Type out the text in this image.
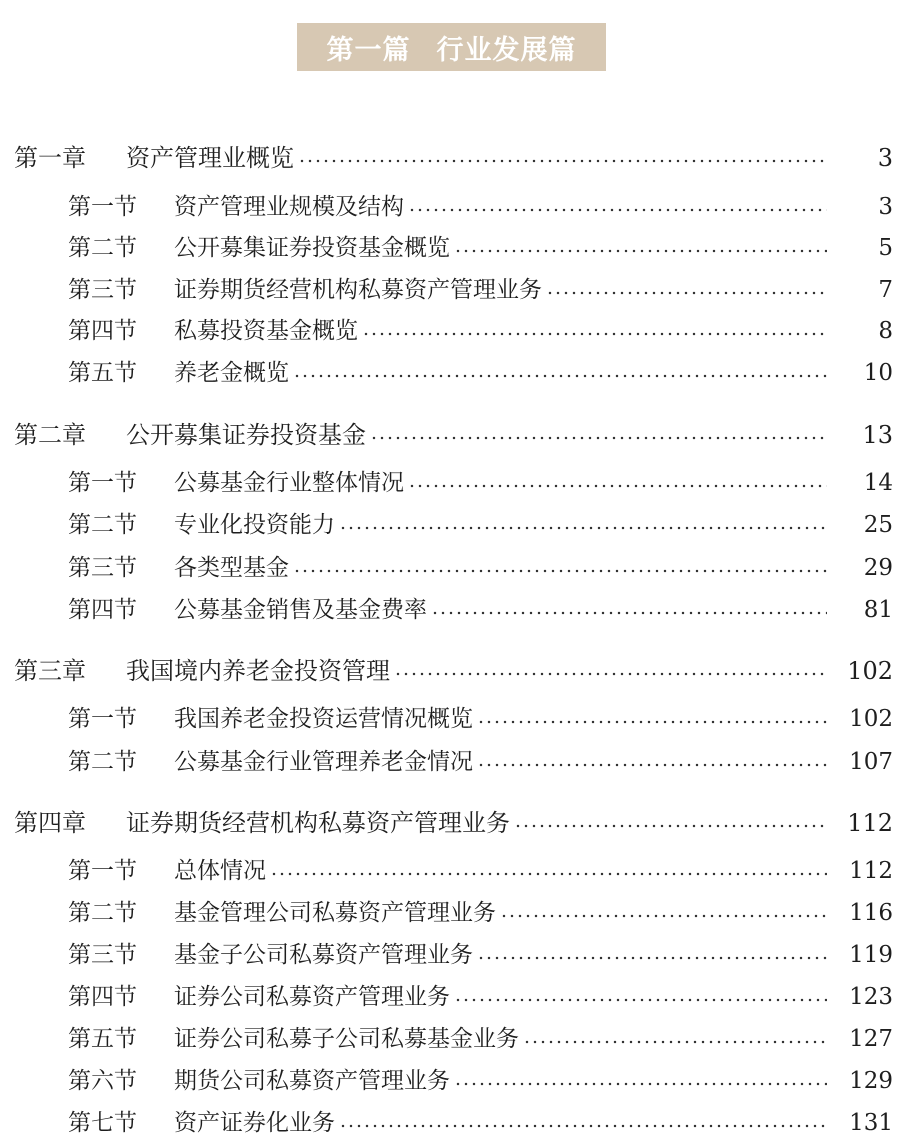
第一篇 行业发展篇
第一章	资产管理业概览	3
第一节	资产管理业规模及结构	3
第二节	公开募集证券投资基金概览	5
第三节	证券期货经营机构私募资产管理业务	7
第四节	私募投资基金概览	8
第五节	养老金概览	10
第二章	公开募集证券投资基金	13
第一节	公募基金行业整体情况	14
第二节	专业化投资能力	25
第三节	各类型基金	29
第四节	公募基金销售及基金费率	81
第三章	我国境内养老金投资管理	102
第一节	我国养老金投资运营情况概览	102
第二节	公募基金行业管理养老金情况	107
第四章	证券期货经营机构私募资产管理业务	112
第一节	总体情况	112
第二节	基金管理公司私募资产管理业务	116
第三节	基金子公司私募资产管理业务	119
第四节	证券公司私募资产管理业务	123
第五节	证券公司私募子公司私募基金业务	127
第六节	期货公司私募资产管理业务	129
第七节	资产证券化业务	131
